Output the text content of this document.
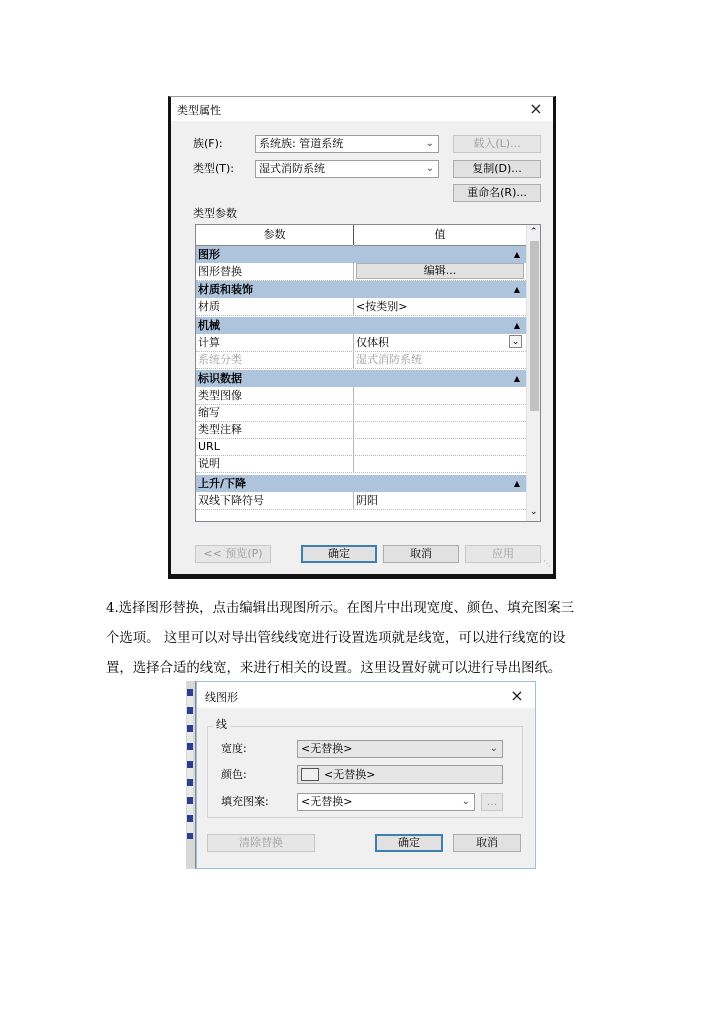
类型属性	×
族(F):	系统族: 管道系统	⌄	载入(L)...
类型(T):	湿式消防系统	⌄	复制(D)...
重命名(R)...
类型参数
参数	值
图形	▲
图形替换	编辑...
材质和装饰	▲
材质	<按类别>
机械	▲
计算	仅体积	⌄
系统分类	湿式消防系统
标识数据	▲
类型图像
缩写
类型注释
URL
说明
上升/下降	▲
双线下降符号	阴阳
⌃
⌄
<< 预览(P)	确定	取消	应用
⋱
4.选择图形替换，点击编辑出现图所示。在图片中出现宽度、颜色、填充图案三
个选项。 这里可以对导出管线线宽进行设置选项就是线宽，可以进行线宽的设
置，选择合适的线宽，来进行相关的设置。这里设置好就可以进行导出图纸。
线图形	×
线
宽度:	<无替换>	⌄
颜色:	<无替换>
填充图案:	<无替换>	⌄	...
清除替换	确定	取消
